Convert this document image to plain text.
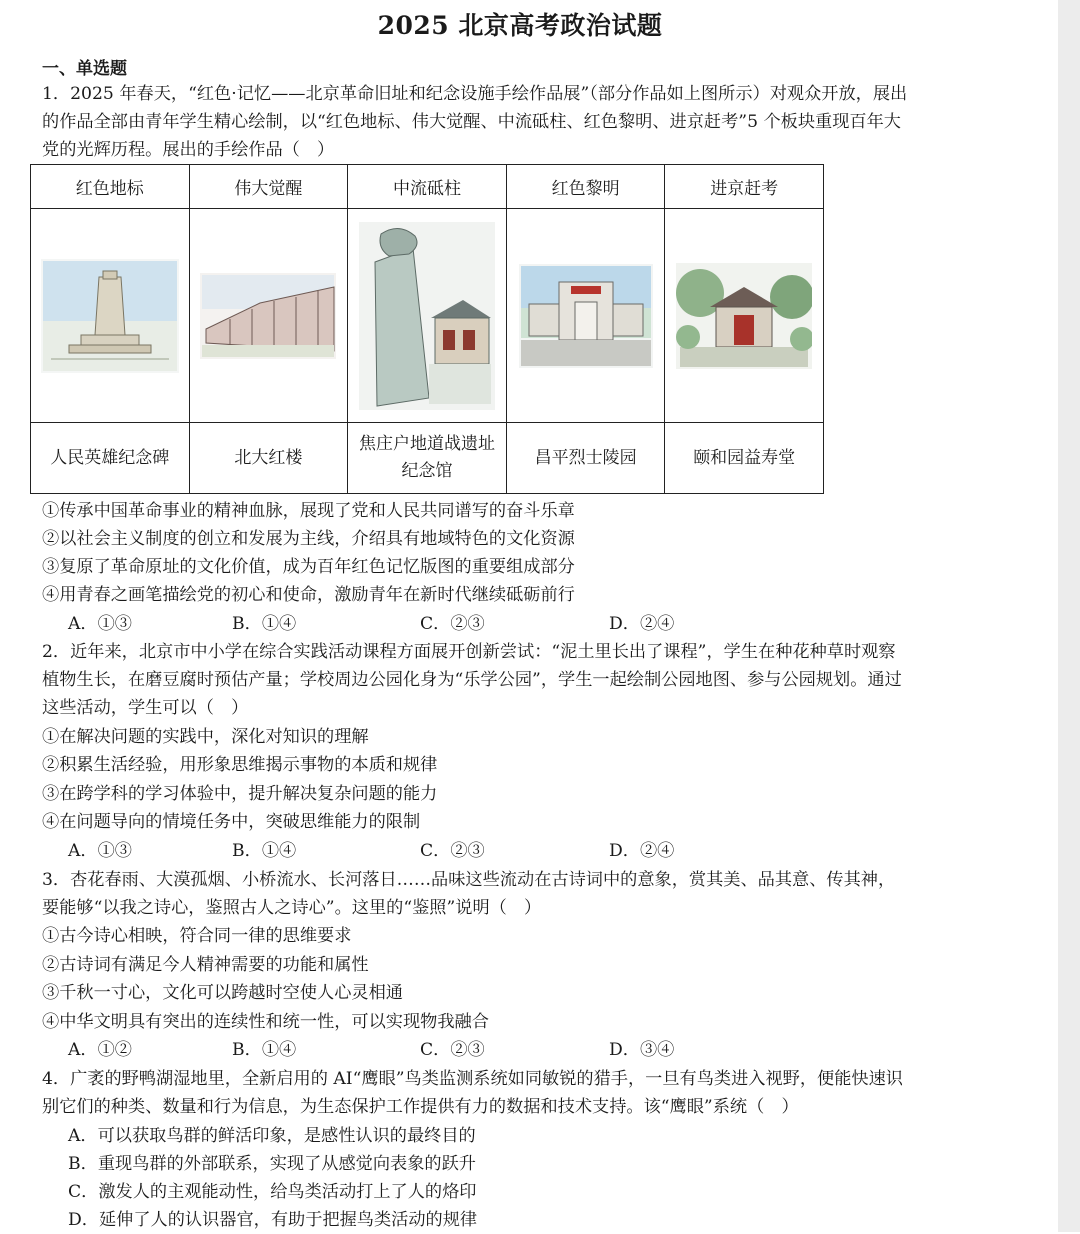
2025 北京高考政治试题
一、单选题
1．2025 年春天，“红色·记忆——北京革命旧址和纪念设施手绘作品展”（部分作品如上图所示）对观众开放，展出
的作品全部由青年学生精心绘制，以“红色地标、伟大觉醒、中流砥柱、红色黎明、进京赶考”5 个板块重现百年大
党的光辉历程。展出的手绘作品（　）
红色地标	伟大觉醒	中流砥柱	红色黎明	进京赶考

人民英雄纪念碑	北大红楼	焦庄户地道战遗址纪念馆	昌平烈士陵园	颐和园益寿堂
①传承中国革命事业的精神血脉，展现了党和人民共同谱写的奋斗乐章
②以社会主义制度的创立和发展为主线，介绍具有地域特色的文化资源
③复原了革命原址的文化价值，成为百年红色记忆版图的重要组成部分
④用青春之画笔描绘党的初心和使命，激励青年在新时代继续砥砺前行
A．①③	B．①④	C．②③	D．②④
2．近年来，北京市中小学在综合实践活动课程方面展开创新尝试：“泥土里长出了课程”，学生在种花种草时观察
植物生长，在磨豆腐时预估产量；学校周边公园化身为“乐学公园”，学生一起绘制公园地图、参与公园规划。通过
这些活动，学生可以（　）
①在解决问题的实践中，深化对知识的理解
②积累生活经验，用形象思维揭示事物的本质和规律
③在跨学科的学习体验中，提升解决复杂问题的能力
④在问题导向的情境任务中，突破思维能力的限制
A．①③	B．①④	C．②③	D．②④
3．杏花春雨、大漠孤烟、小桥流水、长河落日……品味这些流动在古诗词中的意象，赏其美、品其意、传其神，
要能够“以我之诗心，鉴照古人之诗心”。这里的“鉴照”说明（　）
①古今诗心相映，符合同一律的思维要求
②古诗词有满足今人精神需要的功能和属性
③千秋一寸心，文化可以跨越时空使人心灵相通
④中华文明具有突出的连续性和统一性，可以实现物我融合
A．①②	B．①④	C．②③	D．③④
4．广袤的野鸭湖湿地里，全新启用的 AI“鹰眼”鸟类监测系统如同敏锐的猎手，一旦有鸟类进入视野，便能快速识
别它们的种类、数量和行为信息，为生态保护工作提供有力的数据和技术支持。该“鹰眼”系统（　）
A．可以获取鸟群的鲜活印象，是感性认识的最终目的
B．重现鸟群的外部联系，实现了从感觉向表象的跃升
C．激发人的主观能动性，给鸟类活动打上了人的烙印
D．延伸了人的认识器官，有助于把握鸟类活动的规律
